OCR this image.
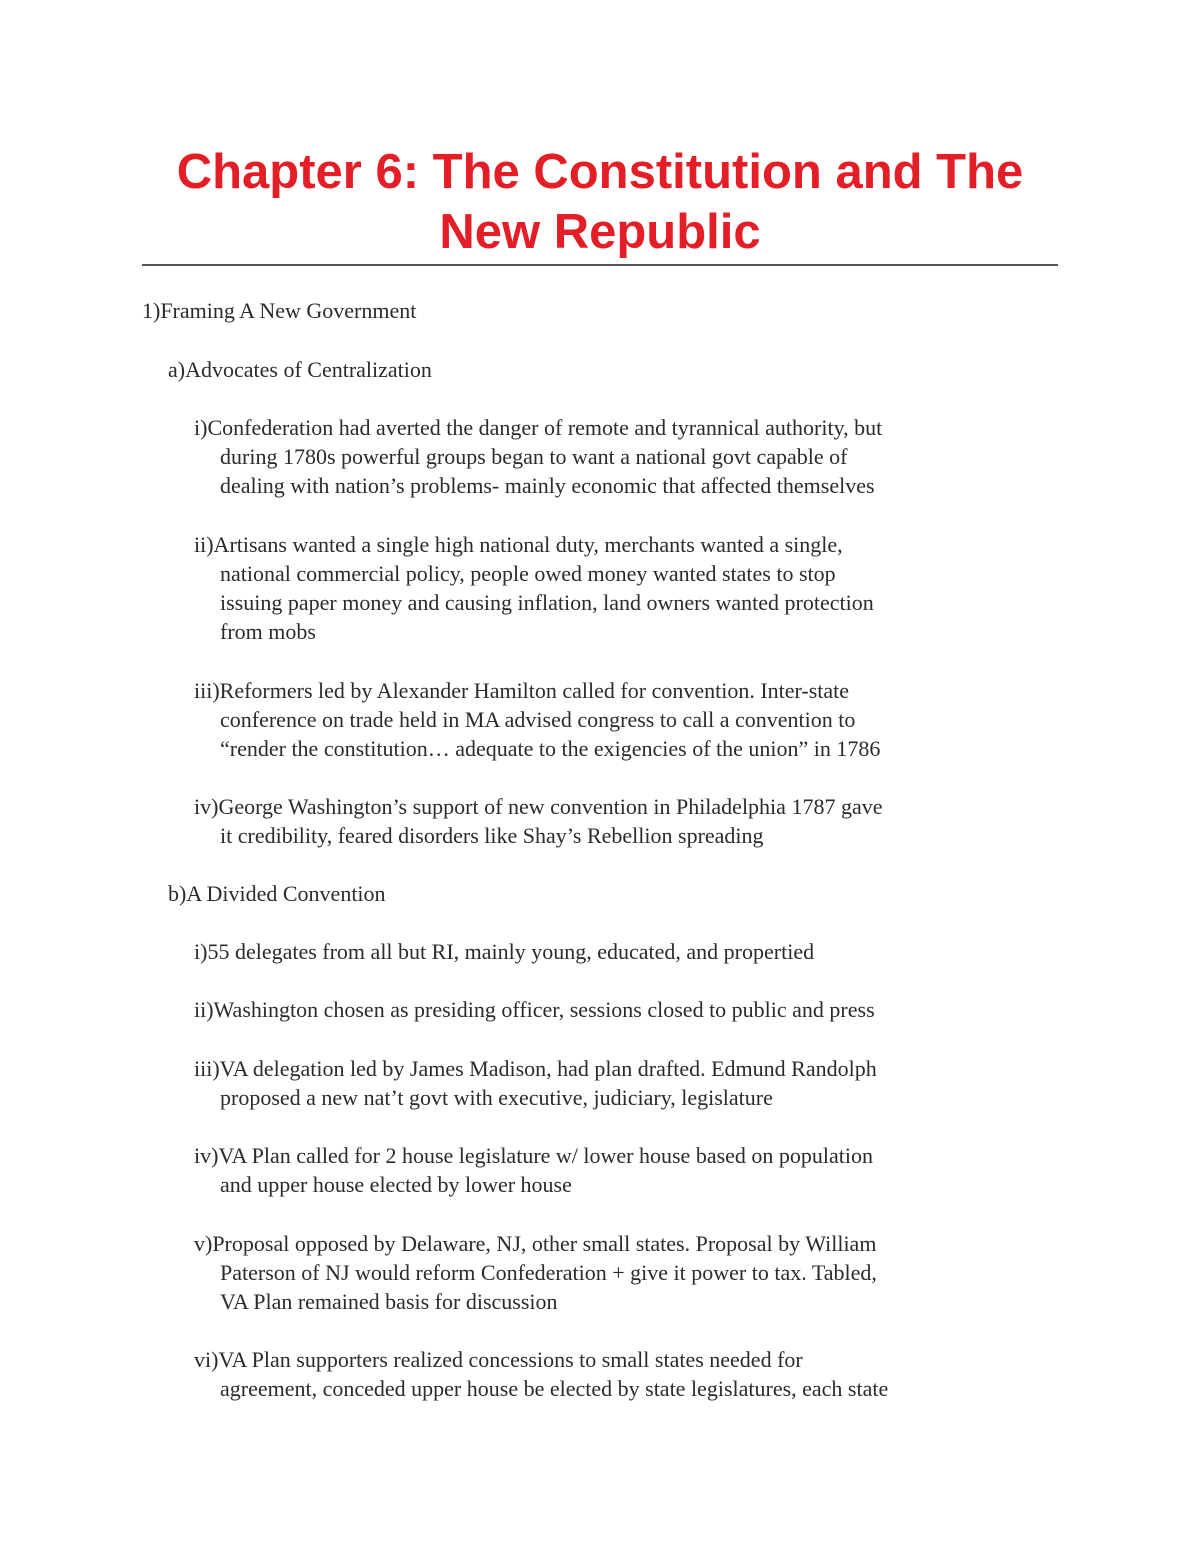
Chapter 6: The Constitution and The
New Republic

1)Framing A New Government

a)Advocates of Centralization

i)Confederation had averted the danger of remote and tyrannical authority, but
during 1780s powerful groups began to want a national govt capable of
dealing with nation’s problems- mainly economic that affected themselves
ii)Artisans wanted a single high national duty, merchants wanted a single,
national commercial policy, people owed money wanted states to stop
issuing paper money and causing inflation, land owners wanted protection
from mobs
iii)Reformers led by Alexander Hamilton called for convention. Inter-state
conference on trade held in MA advised congress to call a convention to
“render the constitution… adequate to the exigencies of the union” in 1786
iv)George Washington’s support of new convention in Philadelphia 1787 gave
it credibility, feared disorders like Shay’s Rebellion spreading

b)A Divided Convention

i)55 delegates from all but RI, mainly young, educated, and propertied
ii)Washington chosen as presiding officer, sessions closed to public and press
iii)VA delegation led by James Madison, had plan drafted. Edmund Randolph
proposed a new nat’t govt with executive, judiciary, legislature
iv)VA Plan called for 2 house legislature w/ lower house based on population
and upper house elected by lower house
v)Proposal opposed by Delaware, NJ, other small states. Proposal by William
Paterson of NJ would reform Confederation + give it power to tax. Tabled,
VA Plan remained basis for discussion
vi)VA Plan supporters realized concessions to small states needed for
agreement, conceded upper house be elected by state legislatures, each state
